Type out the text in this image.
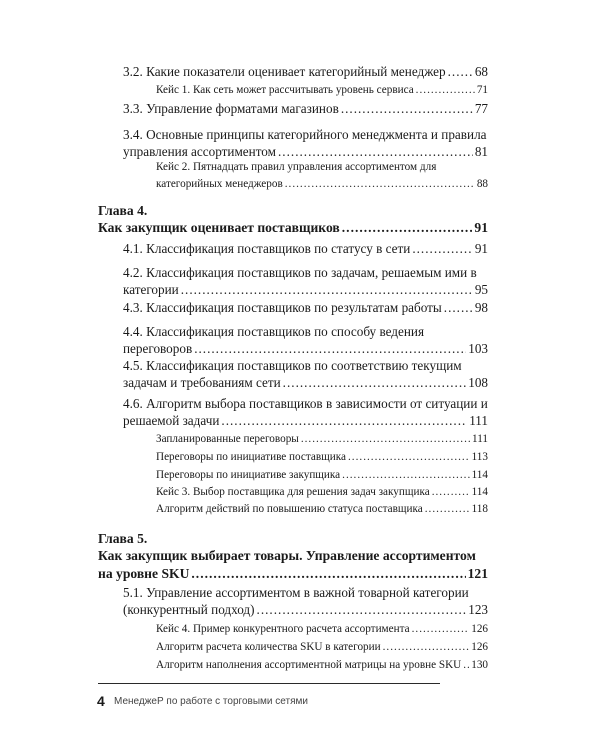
3.2. Какие показатели оценивает категорийный менеджер ..... 68
Кейс 1. Как сеть может рассчитывать уровень сервиса .....	71
3.3. Управление форматами магазинов .....	77
3.4. Основные принципы категорийного менеджмента и правила
управления ассортиментом .....	81
Кейс 2. Пятнадцать правил управления ассортиментом для
категорийных менеджеров .....	88
Глава 4.
Как закупщик оценивает поставщиков .....	91
4.1. Классификация поставщиков по статусу в сети .....	91
4.2. Классификация поставщиков по задачам, решаемым ими в
категории .....	95
4.3. Классификация поставщиков по результатам работы .....	98
4.4. Классификация поставщиков по способу ведения
переговоров .....	103
4.5. Классификация поставщиков по соответствию текущим
задачам и требованиям сети .....	108
4.6. Алгоритм выбора поставщиков в зависимости от ситуации и
решаемой задачи .....	111
Запланированные переговоры .....	111
Переговоры по инициативе поставщика .....	113
Переговоры по инициативе закупщика .....	114
Кейс 3. Выбор поставщика для решения задач закупщика .....	114
Алгоритм действий по повышению статуса поставщика .....	118
Глава 5.
Как закупщик выбирает товары. Управление ассортиментом
на уровне SKU .....	121
5.1. Управление ассортиментом в важной товарной категории
(конкурентный подход) .....	123
Кейс 4. Пример конкурентного расчета ассортимента .....	126
Алгоритм расчета количества SKU в категории .....	126
Алгоритм наполнения ассортиментной матрицы на уровне SKU ..... 130
4 МенеджеР по работе с торговыми сетями
